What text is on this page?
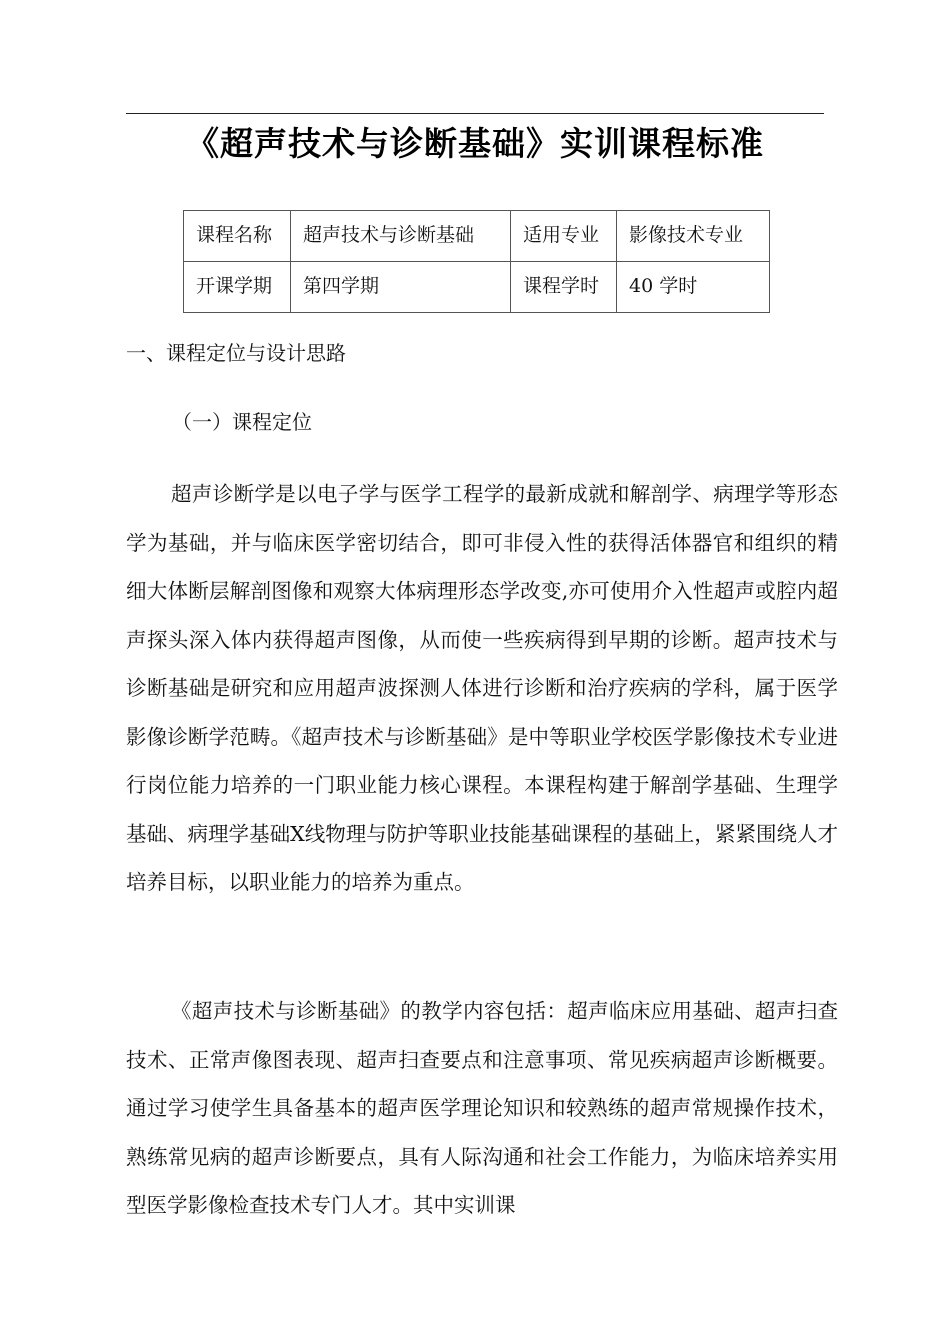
《超声技术与诊断基础》实训课程标准
课程名称	超声技术与诊断基础	适用专业	影像技术专业

开课学期	第四学期	课程学时	40 学时
一、课程定位与设计思路
（一）课程定位

超声诊断学是以电子学与医学工程学的最新成就和解剖学、病理学等形态学为基础，并与临床医学密切结合，即可非侵入性的获得活体器官和组织的精细大体断层解剖图像和观察大体病理形态学改变,亦可使用介入性超声或腔内超声探头深入体内获得超声图像，从而使一些疾病得到早期的诊断。超声技术与诊断基础是研究和应用超声波探测人体进行诊断和治疗疾病的学科，属于医学影像诊断学范畴。《超声技术与诊断基础》是中等职业学校医学影像技术专业进行岗位能力培养的一门职业能力核心课程。本课程构建于解剖学基础、生理学基础、病理学基础X线物理与防护等职业技能基础课程的基础上，紧紧围绕人才培养目标，以职业能力的培养为重点。

《超声技术与诊断基础》的教学内容包括：超声临床应用基础、超声扫查技术、正常声像图表现、超声扫查要点和注意事项、常见疾病超声诊断概要。通过学习使学生具备基本的超声医学理论知识和较熟练的超声常规操作技术，熟练常见病的超声诊断要点，具有人际沟通和社会工作能力，为临床培养实用型医学影像检查技术专门人才。其中实训课
